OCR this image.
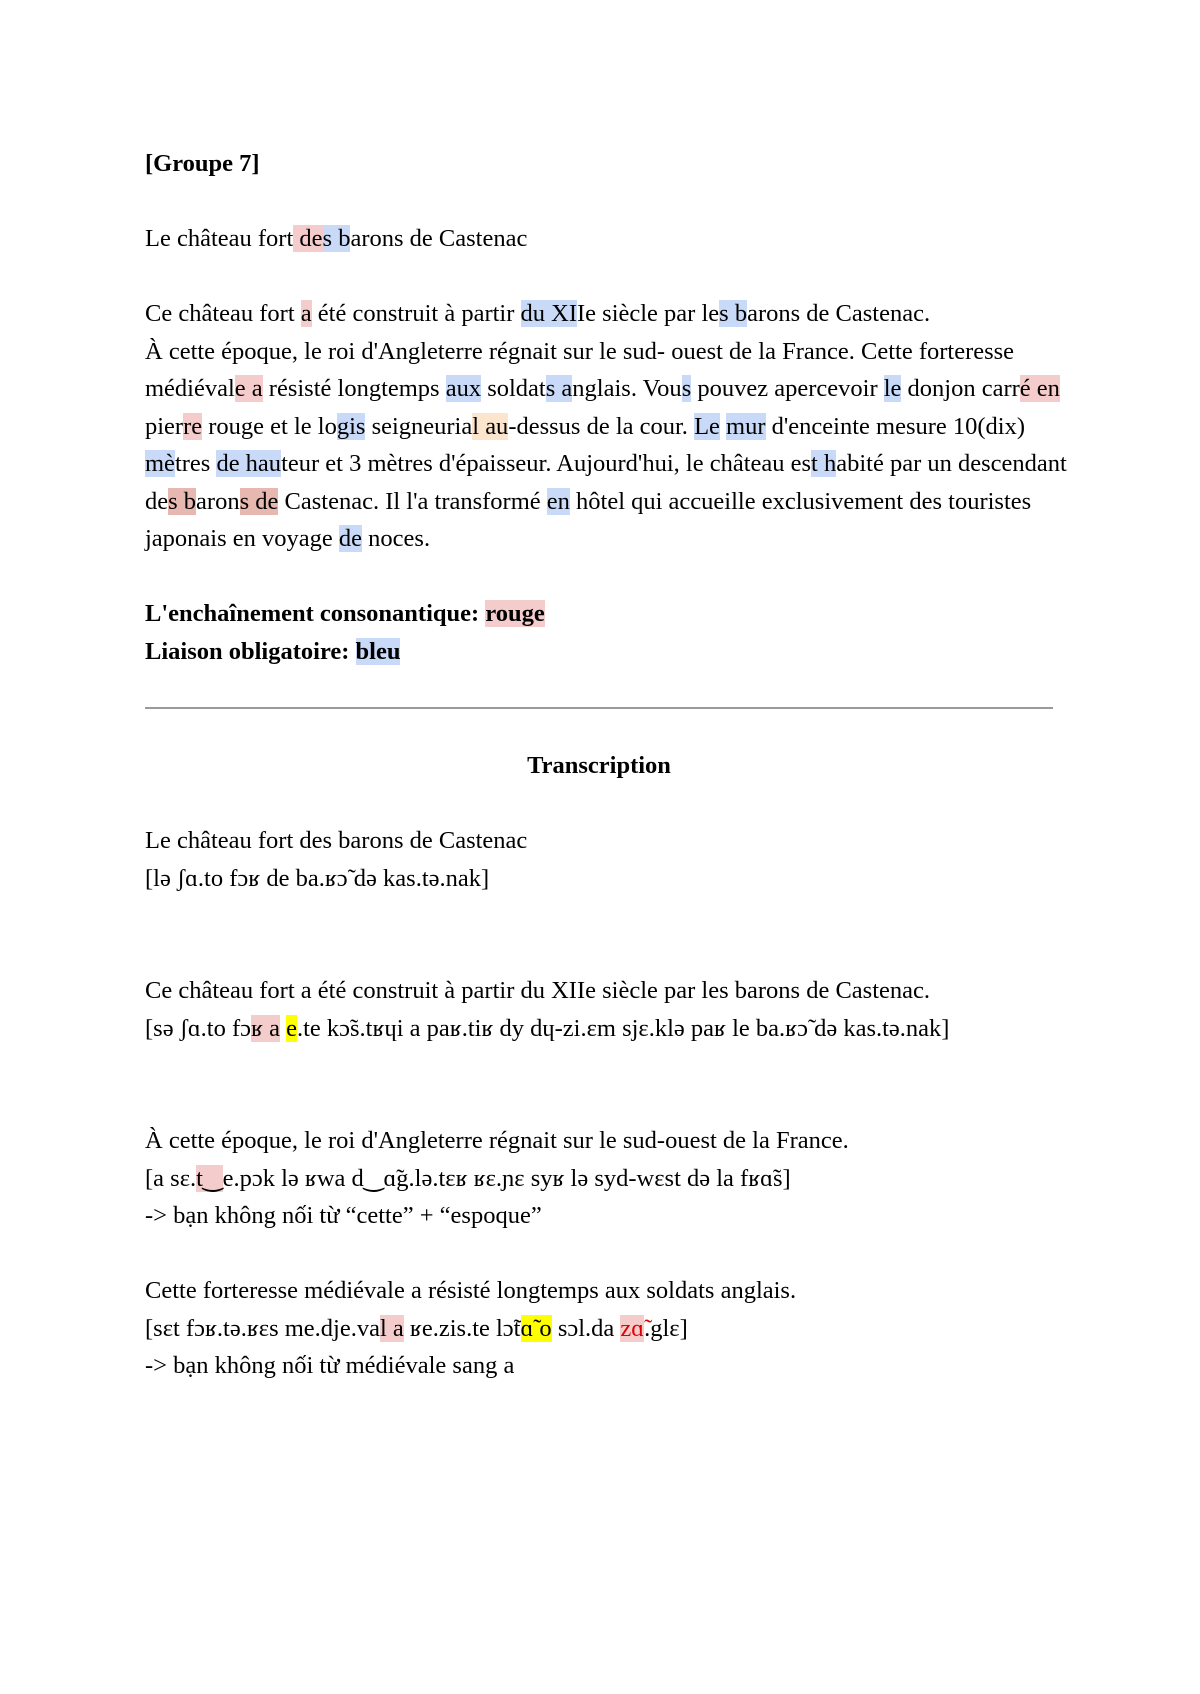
[Groupe 7]

Le château fort des barons de Castenac

Ce château fort a été construit à partir du XIIe siècle par les barons de Castenac.
À cette époque, le roi d'Angleterre régnait sur le sud- ouest de la France. Cette forteresse médiévale a résisté longtemps aux soldats anglais. Vous pouvez apercevoir le donjon carré en pierre rouge et le logis seigneurial au-dessus de la cour. Le mur d'enceinte mesure 10(dix) mètres de hauteur et 3 mètres d'épaisseur. Aujourd'hui, le château est habité par un descendant des barons de Castenac. Il l'a transformé en hôtel qui accueille exclusivement des touristes japonais en voyage de noces.

L'enchaînement consonantique: rouge

Liaison obligatoire: bleu

Transcription

Le château fort des barons de Castenac

[lə ʃɑ.to fɔʁ de ba.ʁɔ̃ də kas.tə.nak]

Ce château fort a été construit à partir du XIIe siècle par les barons de Castenac.

[sə ʃɑ.to fɔʁ a e.te kɔ̃s.tʁɥi a paʁ.tiʁ dy dɥ-zi.ɛm sjɛ.klə paʁ le ba.ʁɔ̃ də kas.tə.nak]

À cette époque, le roi d'Angleterre régnait sur le sud-ouest de la France.

[a sɛ.t‿e.pɔk lə ʁwa d‿ɑ̃g.lə.tɛʁ ʁɛ.ɲɛ syʁ lə syd-wɛst də la fʁɑ̃s]

-> bạn không nối từ “cette” + “espoque”

Cette forteresse médiévale a résisté longtemps aux soldats anglais.

[sɛt fɔʁ.tə.ʁɛs me.dje.val a ʁe.zis.te lɔ̃tɑ̃ o sɔl.da zɑ̃.glɛ]

-> bạn không nối từ médiévale sang a
